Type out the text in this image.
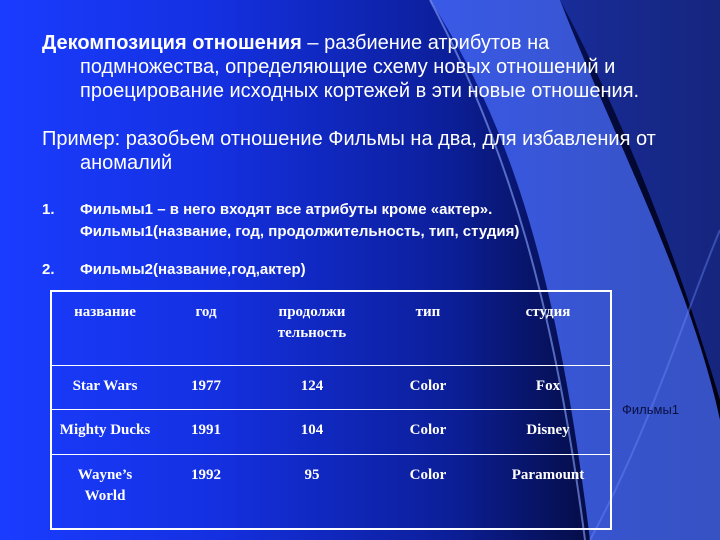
Декомпозиция отношения – разбиение атрибутов на
подмножества, определяющие схему новых отношений и
проецирование исходных кортежей в эти новые отношения.
Пример: разобьем отношение Фильмы на два, для избавления от
аномалий
1.	Фильмы1 – в него входят все атрибуты кроме «актер».
Фильмы1(название, год, продолжительность, тип, студия)
2.	Фильмы2(название,год,актер)
название	год	продолжи тельность	тип	студия
Star Wars	1977	124	Color	Fox
Mighty Ducks	1991	104	Color	Disney
Wayne’s World	1992	95	Color	Paramount
Фильмы1
